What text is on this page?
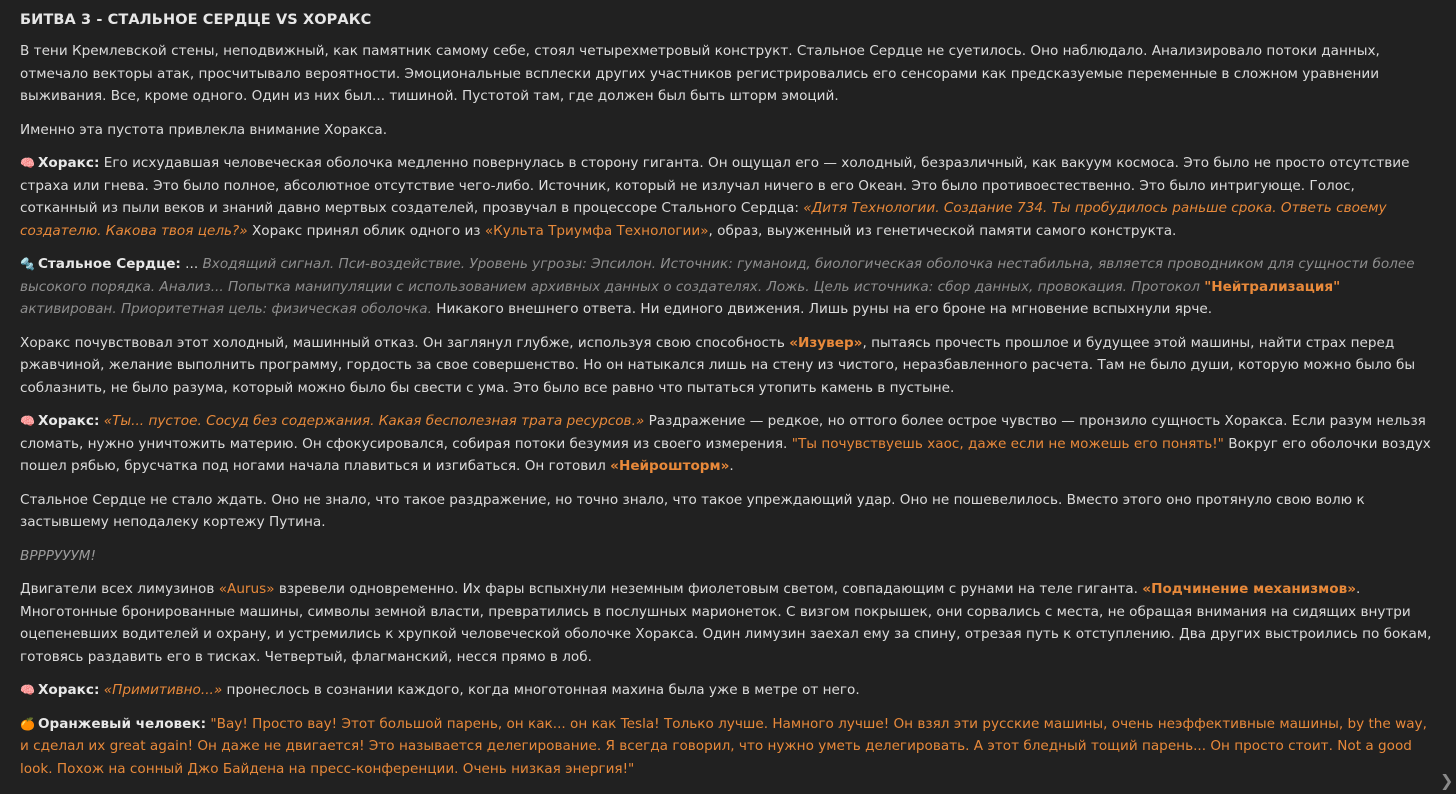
БИТВА 3 - СТАЛЬНОЕ СЕРДЦЕ VS ХОРАКС

В тени Кремлевской стены, неподвижный, как памятник самому себе, стоял четырехметровый конструкт. Стальное Сердце не суетилось. Оно наблюдало. Анализировало потоки данных, отмечало векторы атак, просчитывало вероятности. Эмоциональные всплески других участников регистрировались его сенсорами как предсказуемые переменные в сложном уравнении выживания. Все, кроме одного. Один из них был... тишиной. Пустотой там, где должен был быть шторм эмоций.

Именно эта пустота привлекла внимание Хоракса.

🧠 Хоракс: Его исхудавшая человеческая оболочка медленно повернулась в сторону гиганта. Он ощущал его — холодный, безразличный, как вакуум космоса. Это было не просто отсутствие страха или гнева. Это было полное, абсолютное отсутствие чего-либо. Источник, который не излучал ничего в его Океан. Это было противоестественно. Это было интригующе. Голос, сотканный из пыли веков и знаний давно мертвых создателей, прозвучал в процессоре Стального Сердца: «Дитя Технологии. Создание 734. Ты пробудилось раньше срока. Ответь своему создателю. Какова твоя цель?» Хоракс принял облик одного из «Культа Триумфа Технологии», образ, выуженный из генетической памяти самого конструкта.

🔩 Стальное Сердце: ... Входящий сигнал. Пси-воздействие. Уровень угрозы: Эпсилон. Источник: гуманоид, биологическая оболочка нестабильна, является проводником для сущности более высокого порядка. Анализ... Попытка манипуляции с использованием архивных данных о создателях. Ложь. Цель источника: сбор данных, провокация. Протокол "Нейтрализация" активирован. Приоритетная цель: физическая оболочка. Никакого внешнего ответа. Ни единого движения. Лишь руны на его броне на мгновение вспыхнули ярче.

Хоракс почувствовал этот холодный, машинный отказ. Он заглянул глубже, используя свою способность «Изувер», пытаясь прочесть прошлое и будущее этой машины, найти страх перед ржавчиной, желание выполнить программу, гордость за свое совершенство. Но он натыкался лишь на стену из чистого, неразбавленного расчета. Там не было души, которую можно было бы соблазнить, не было разума, который можно было бы свести с ума. Это было все равно что пытаться утопить камень в пустыне.

🧠 Хоракс: «Ты... пустое. Сосуд без содержания. Какая бесполезная трата ресурсов.» Раздражение — редкое, но оттого более острое чувство — пронзило сущность Хоракса. Если разум нельзя сломать, нужно уничтожить материю. Он сфокусировался, собирая потоки безумия из своего измерения. "Ты почувствуешь хаос, даже если не можешь его понять!" Вокруг его оболочки воздух пошел рябью, брусчатка под ногами начала плавиться и изгибаться. Он готовил «Нейрошторм».

Стальное Сердце не стало ждать. Оно не знало, что такое раздражение, но точно знало, что такое упреждающий удар. Оно не пошевелилось. Вместо этого оно протянуло свою волю к застывшему неподалеку кортежу Путина.

ВРРРУУУМ!

Двигатели всех лимузинов «Aurus» взревели одновременно. Их фары вспыхнули неземным фиолетовым светом, совпадающим с рунами на теле гиганта. «Подчинение механизмов». Многотонные бронированные машины, символы земной власти, превратились в послушных марионеток. С визгом покрышек, они сорвались с места, не обращая внимания на сидящих внутри оцепеневших водителей и охрану, и устремились к хрупкой человеческой оболочке Хоракса. Один лимузин заехал ему за спину, отрезая путь к отступлению. Два других выстроились по бокам, готовясь раздавить его в тисках. Четвертый, флагманский, несся прямо в лоб.

🧠 Хоракс: «Примитивно...» пронеслось в сознании каждого, когда многотонная махина была уже в метре от него.

🍊 Оранжевый человек: "Вау! Просто вау! Этот большой парень, он как... он как Tesla! Только лучше. Намного лучше! Он взял эти русские машины, очень неэффективные машины, by the way, и сделал их great again! Он даже не двигается! Это называется делегирование. Я всегда говорил, что нужно уметь делегировать. А этот бледный тощий парень... Он просто стоит. Not a good look. Похож на сонный Джо Байдена на пресс-конференции. Очень низкая энергия!"

❯
